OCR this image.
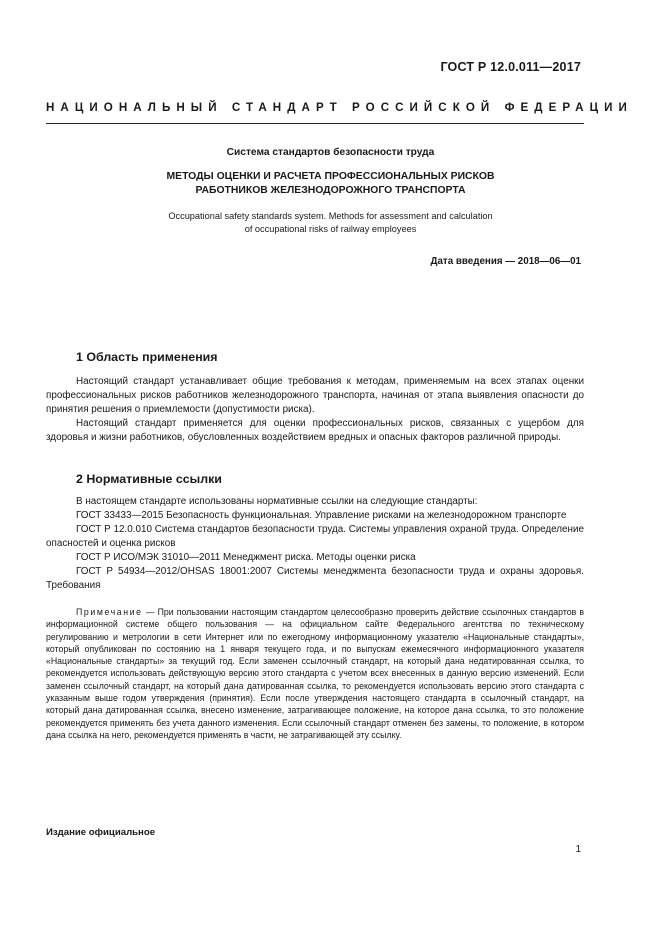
ГОСТ Р 12.0.011—2017
НАЦИОНАЛЬНЫЙ СТАНДАРТ РОССИЙСКОЙ ФЕДЕРАЦИИ
Система стандартов безопасности труда
МЕТОДЫ ОЦЕНКИ И РАСЧЕТА ПРОФЕССИОНАЛЬНЫХ РИСКОВ
РАБОТНИКОВ ЖЕЛЕЗНОДОРОЖНОГО ТРАНСПОРТА
Occupational safety standards system. Methods for assessment and calculation
of occupational risks of railway employees
Дата введения — 2018—06—01
1 Область применения

Настоящий стандарт устанавливает общие требования к методам, применяемым на всех этапах оценки профессиональных рисков работников железнодорожного транспорта, начиная от этапа выявления опасности до принятия решения о приемлемости (допустимости риска).

Настоящий стандарт применяется для оценки профессиональных рисков, связанных с ущербом для здоровья и жизни работников, обусловленных воздействием вредных и опасных факторов различной природы.

2 Нормативные ссылки

В настоящем стандарте использованы нормативные ссылки на следующие стандарты:

ГОСТ 33433—2015 Безопасность функциональная. Управление рисками на железнодорожном транспорте

ГОСТ Р 12.0.010 Система стандартов безопасности труда. Системы управления охраной труда. Определение опасностей и оценка рисков

ГОСТ Р ИСО/МЭК 31010—2011 Менеджмент риска. Методы оценки риска

ГОСТ Р 54934—2012/OHSAS 18001:2007 Системы менеджмента безопасности труда и охраны здоровья. Требования

Примечание — При пользовании настоящим стандартом целесообразно проверить действие ссылочных стандартов в информационной системе общего пользования — на официальном сайте Федерального агентства по техническому регулированию и метрологии в сети Интернет или по ежегодному информационному указателю «Национальные стандарты», который опубликован по состоянию на 1 января текущего года, и по выпускам ежемесячного информационного указателя «Национальные стандарты» за текущий год. Если заменен ссылочный стандарт, на который дана недатированная ссылка, то рекомендуется использовать действующую версию этого стандарта с учетом всех внесенных в данную версию изменений. Если заменен ссылочный стандарт, на который дана датированная ссылка, то рекомендуется использовать версию этого стандарта с указанным выше годом утверждения (принятия). Если после утверждения настоящего стандарта в ссылочный стандарт, на который дана датированная ссылка, внесено изменение, затрагивающее положение, на которое дана ссылка, то это положение рекомендуется применять без учета данного изменения. Если ссылочный стандарт отменен без замены, то положение, в котором дана ссылка на него, рекомендуется применять в части, не затрагивающей эту ссылку.

Издание официальное
1
